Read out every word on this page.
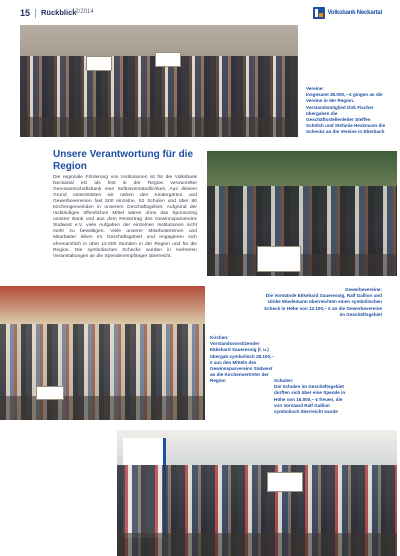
15 Rückblick
12/2014	Volksbank Neckartal
Vereine:
Insgesamt 38.000,– € gingen an die Vereine in der Region. Vorstandsmitglied Dirk Fischer übergaben die Geschäftsstellenleiter Steffen Schölch und Stefanie Heckmann die Schecks an die Vereine in Eberbach
Unsere Verantwortung für die Region
Die regionale Förderung von Institutionen ist für die Volksbank Neckartal eG als fest in der Region verwurzelter Genossenschaftsbank eine Selbstverständlichkeit. Aus diesem Grund unterstützten wir neben den Kindergärten und Gewerbevereinen fast 500 einzelne, 52 Schulen und über 80 Kirchengemeinden in unserem Geschäftsgebiet. Aufgrund der rückläufigen öffentlichen Mittel wären ohne das Sponsoring unserer Bank und aus dem Reinertrag des Gewinnsparvereins Südwest e.V. viele Aufgaben der einzelnen Institutionen nicht mehr zu bewältigen. Viele unserer Mitarbeiterinnen und Mitarbeiter leben im Geschäftsgebiet und engagieren sich ehrenamtlich in über 12.000 Stunden in der Region und für die Region. Die symbolischen Schecks wurden in mehreren Veranstaltungen an die Spendenempfänger überreicht.
Gewerbevereine:
Die Vorstände Ekkehard Saueressig, Ralf Gallion und Ulrike Wiedemann überreichten einen symbolischen Scheck in Höhe von 12.100,– € an die Gewerbevereine im Geschäftsgebiet
Kirchen:
Vorstandsvorsitzender Ekkehard Saueressig (l. u.) übergab symbolisch 28.100,– € aus den Mitteln des Gewinnsparvereins Südwest an die Kirchenvertreter der Region	Schulen:
Die Schulen im Geschäftsgebiet durften sich über eine Spende in Höhe von 16.000,– € freuen, die von Vorstand Ralf Gallion symbolisch überreicht wurde
